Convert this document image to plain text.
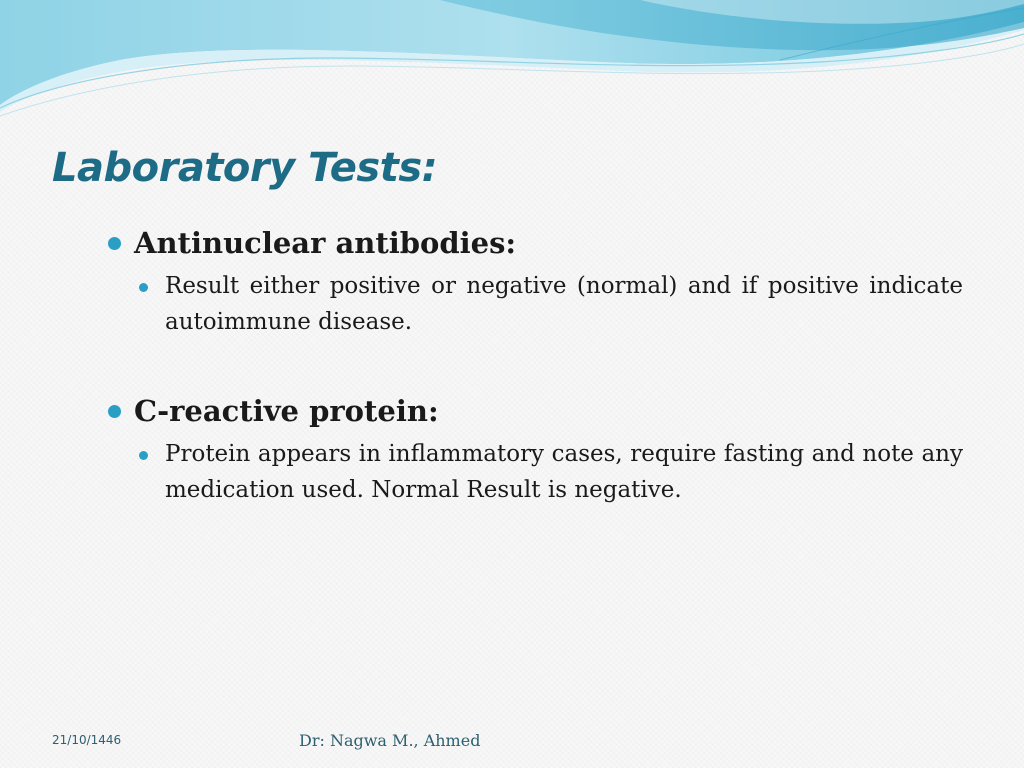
Laboratory Tests:
Antinuclear antibodies:
Result either positive or negative (normal) and if positive indicate autoimmune disease.
C-reactive protein:
Protein appears in inflammatory cases, require fasting and note any medication used. Normal Result is negative.
21/10/1446	Dr: Nagwa M., Ahmed
